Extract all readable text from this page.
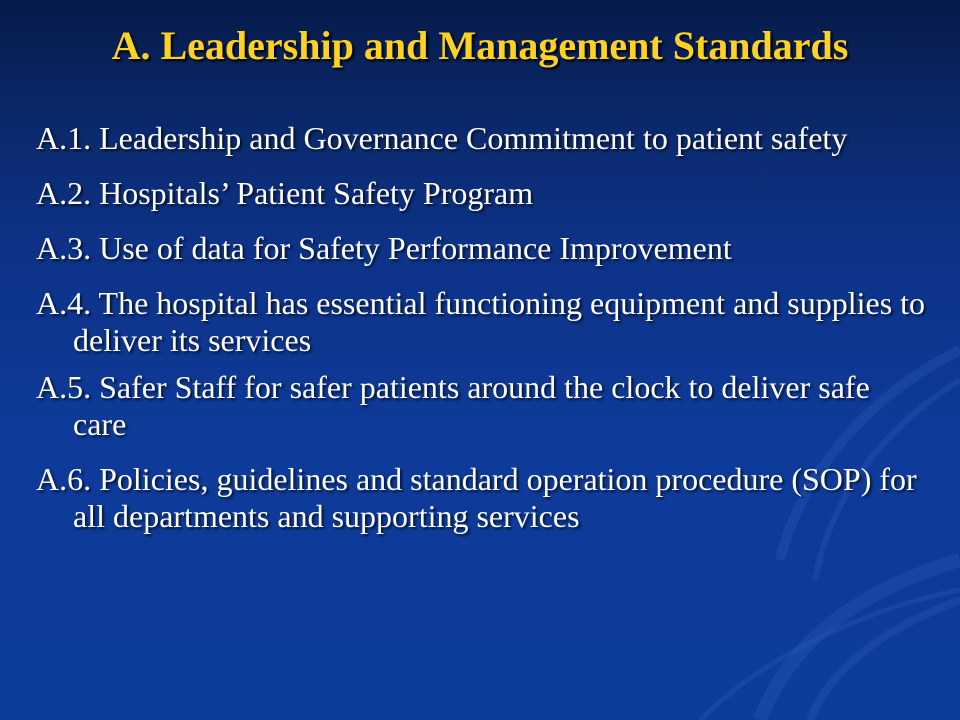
A. Leadership and Management Standards
A.1. Leadership and Governance Commitment to patient safety
A.2. Hospitals’ Patient Safety Program
A.3. Use of data for Safety Performance Improvement
A.4. The hospital has essential functioning equipment and supplies to deliver its services
A.5. Safer Staff for safer patients around the clock to deliver safe care
A.6. Policies, guidelines and standard operation procedure (SOP) for all departments and supporting services
